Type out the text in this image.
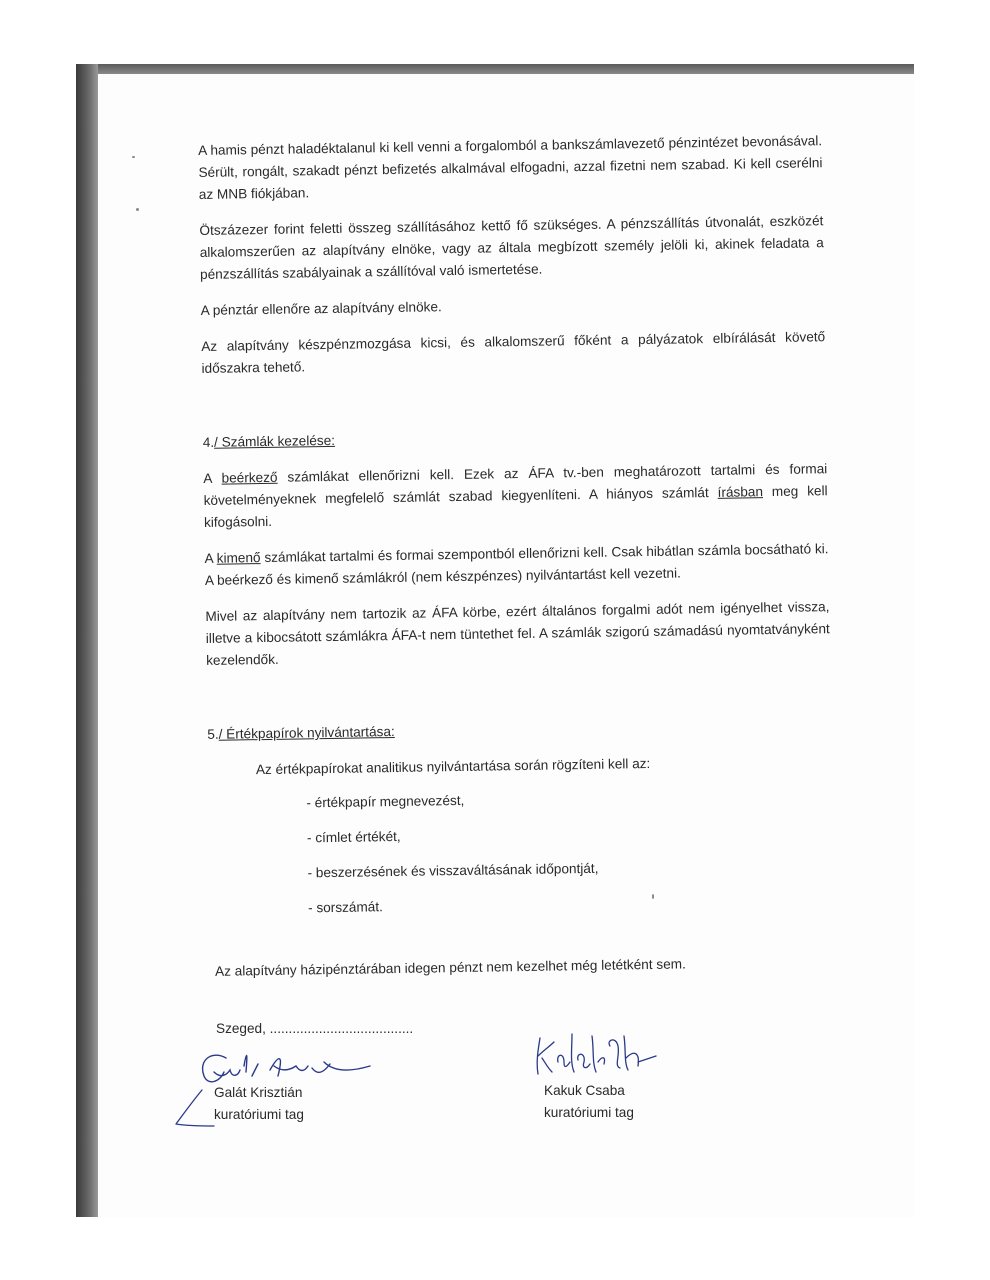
A hamis pénzt haladéktalanul ki kell venni a forgalomból a bankszámlavezető pénzintézet bevonásával. Sérült, rongált, szakadt pénzt befizetés alkalmával elfogadni, azzal fizetni nem szabad. Ki kell cserélni az MNB fiókjában.

Ötszázezer forint feletti összeg szállításához kettő fő szükséges. A pénzszállítás útvonalát, eszközét alkalomszerűen az alapítvány elnöke, vagy az általa megbízott személy jelöli ki, akinek feladata a pénzszállítás szabályainak a szállítóval való ismertetése.

A pénztár ellenőre az alapítvány elnöke.

Az alapítvány készpénzmozgása kicsi, és alkalomszerű főként a pályázatok elbírálását követő időszakra tehető.

4./ Számlák kezelése:

A beérkező számlákat ellenőrizni kell. Ezek az ÁFA tv.-ben meghatározott tartalmi és formai követelményeknek megfelelő számlát szabad kiegyenlíteni. A hiányos számlát írásban meg kell kifogásolni.

A kimenő számlákat tartalmi és formai szempontból ellenőrizni kell. Csak hibátlan számla bocsátható ki. A beérkező és kimenő számlákról (nem készpénzes) nyilvántartást kell vezetni.

Mivel az alapítvány nem tartozik az ÁFA körbe, ezért általános forgalmi adót nem igényelhet vissza, illetve a kibocsátott számlákra ÁFA-t nem tüntethet fel. A számlák szigorú számadású nyomtatványként kezelendők.

5./ Értékpapírok nyilvántartása:

Az értékpapírokat analitikus nyilvántartása során rögzíteni kell az:

- értékpapír megnevezést,

- címlet értékét,

- beszerzésének és visszaváltásának időpontját,

- sorszámát.

Az alapítvány házipénztárában idegen pénzt nem kezelhet még letétként sem.

Szeged, ......................................
Galát Krisztián
kuratóriumi tag
Kakuk Csaba
kuratóriumi tag
